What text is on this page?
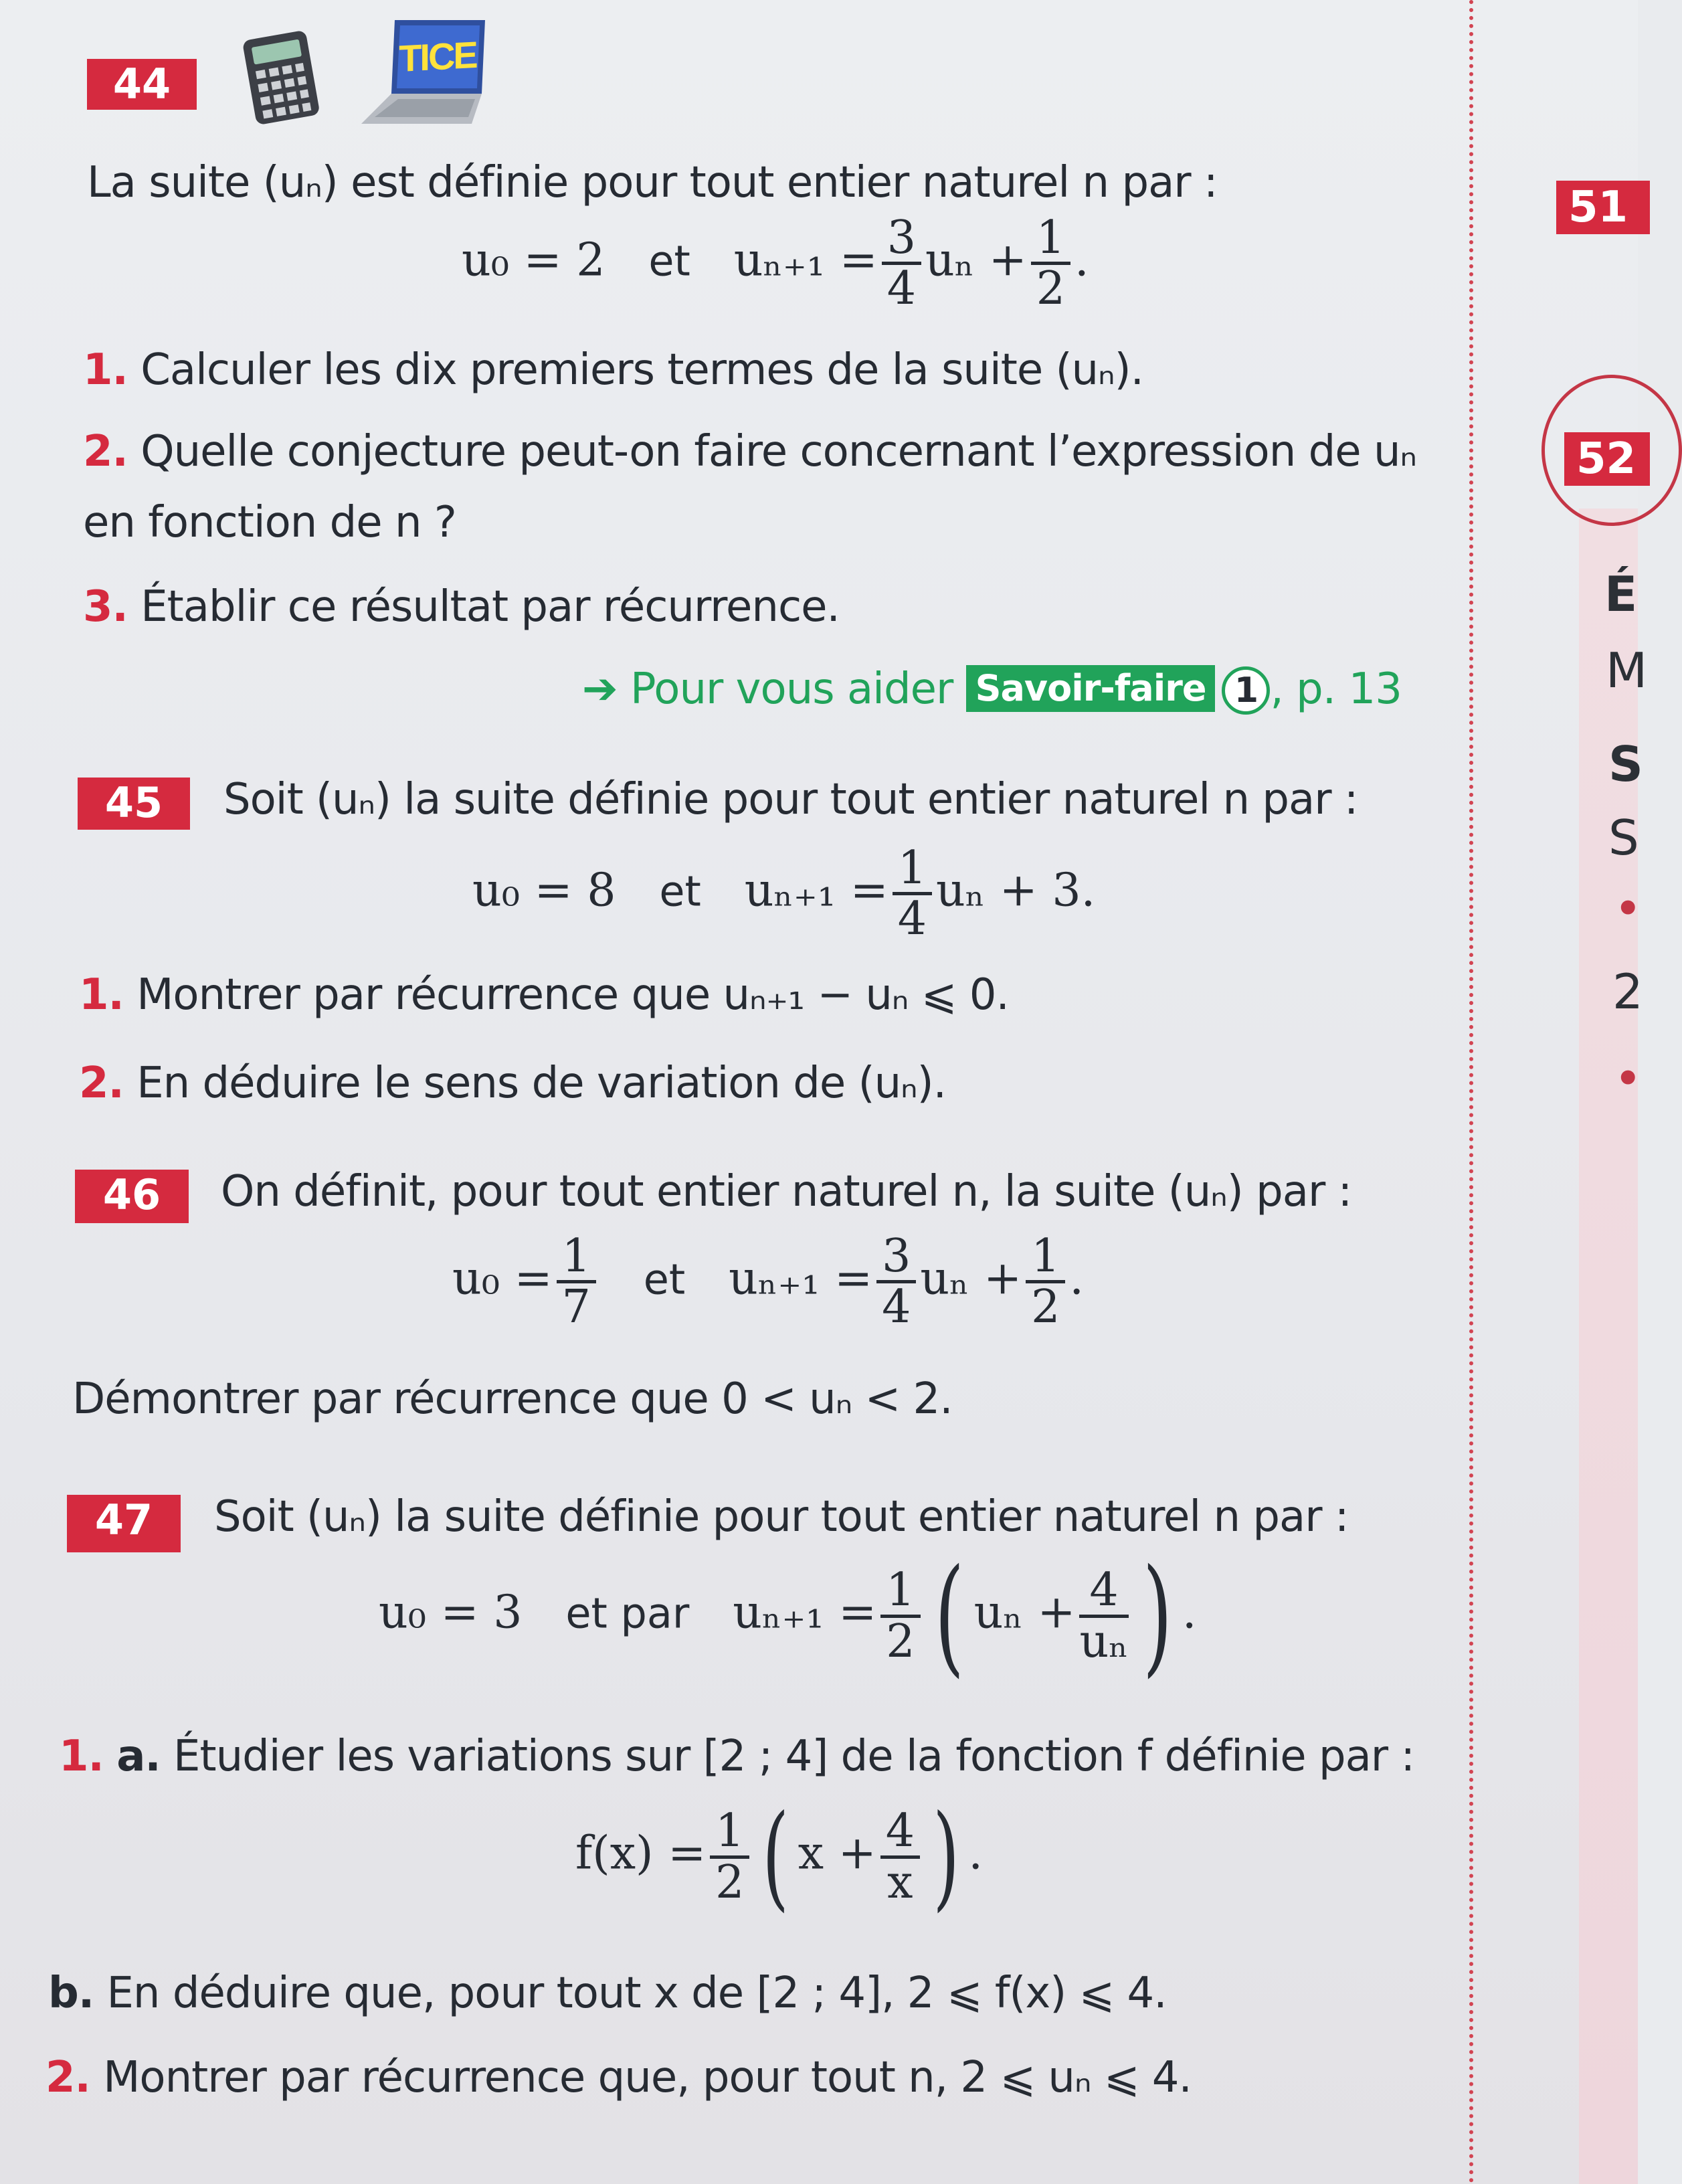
44
TICE
La suite (uₙ) est définie pour tout entier naturel n par :
u₀ = 2 et $u_{n+1} = \frac{3}{4}$ $u_n + \frac{1}{2}$ .
1. Calculer les dix premiers termes de la suite (uₙ).
2. Quelle conjecture peut-on faire concernant l’expression de uₙ
en fonction de n ?
3. Établir ce résultat par récurrence.
➔ Pour vous aider Savoir-faire 1 , p. 13
45	Soit (uₙ) la suite définie pour tout entier naturel n par :
u₀ = 8 et $u_{n+1} = \frac{1}{4}$ uₙ + 3.
1. Montrer par récurrence que uₙ₊₁ − uₙ ⩽ 0.
2. En déduire le sens de variation de (uₙ).
46	On définit, pour tout entier naturel n, la suite (uₙ) par :
$u_0 = \frac{1}{7}$ et $u_{n+1} = \frac{3}{4}$ $u_n + \frac{1}{2}$ .
Démontrer par récurrence que 0 < uₙ < 2.
47	Soit (uₙ) la suite définie pour tout entier naturel n par :
u₀ = 3 et par $u_{n+1} = \frac{1}{2}$ ( $u_n + \frac{4}{\text{uₙ}}$ ) .
1. a. Étudier les variations sur [2 ; 4] de la fonction f définie par :
$f(x) = \frac{1}{2}$ ( $x + \frac{4}{x}$ ) .
b. En déduire que, pour tout x de [2 ; 4], 2 ⩽ f(x) ⩽ 4.
2. Montrer par récurrence que, pour tout n, 2 ⩽ uₙ ⩽ 4.
51
52
É
M
S
S
•
2
•
